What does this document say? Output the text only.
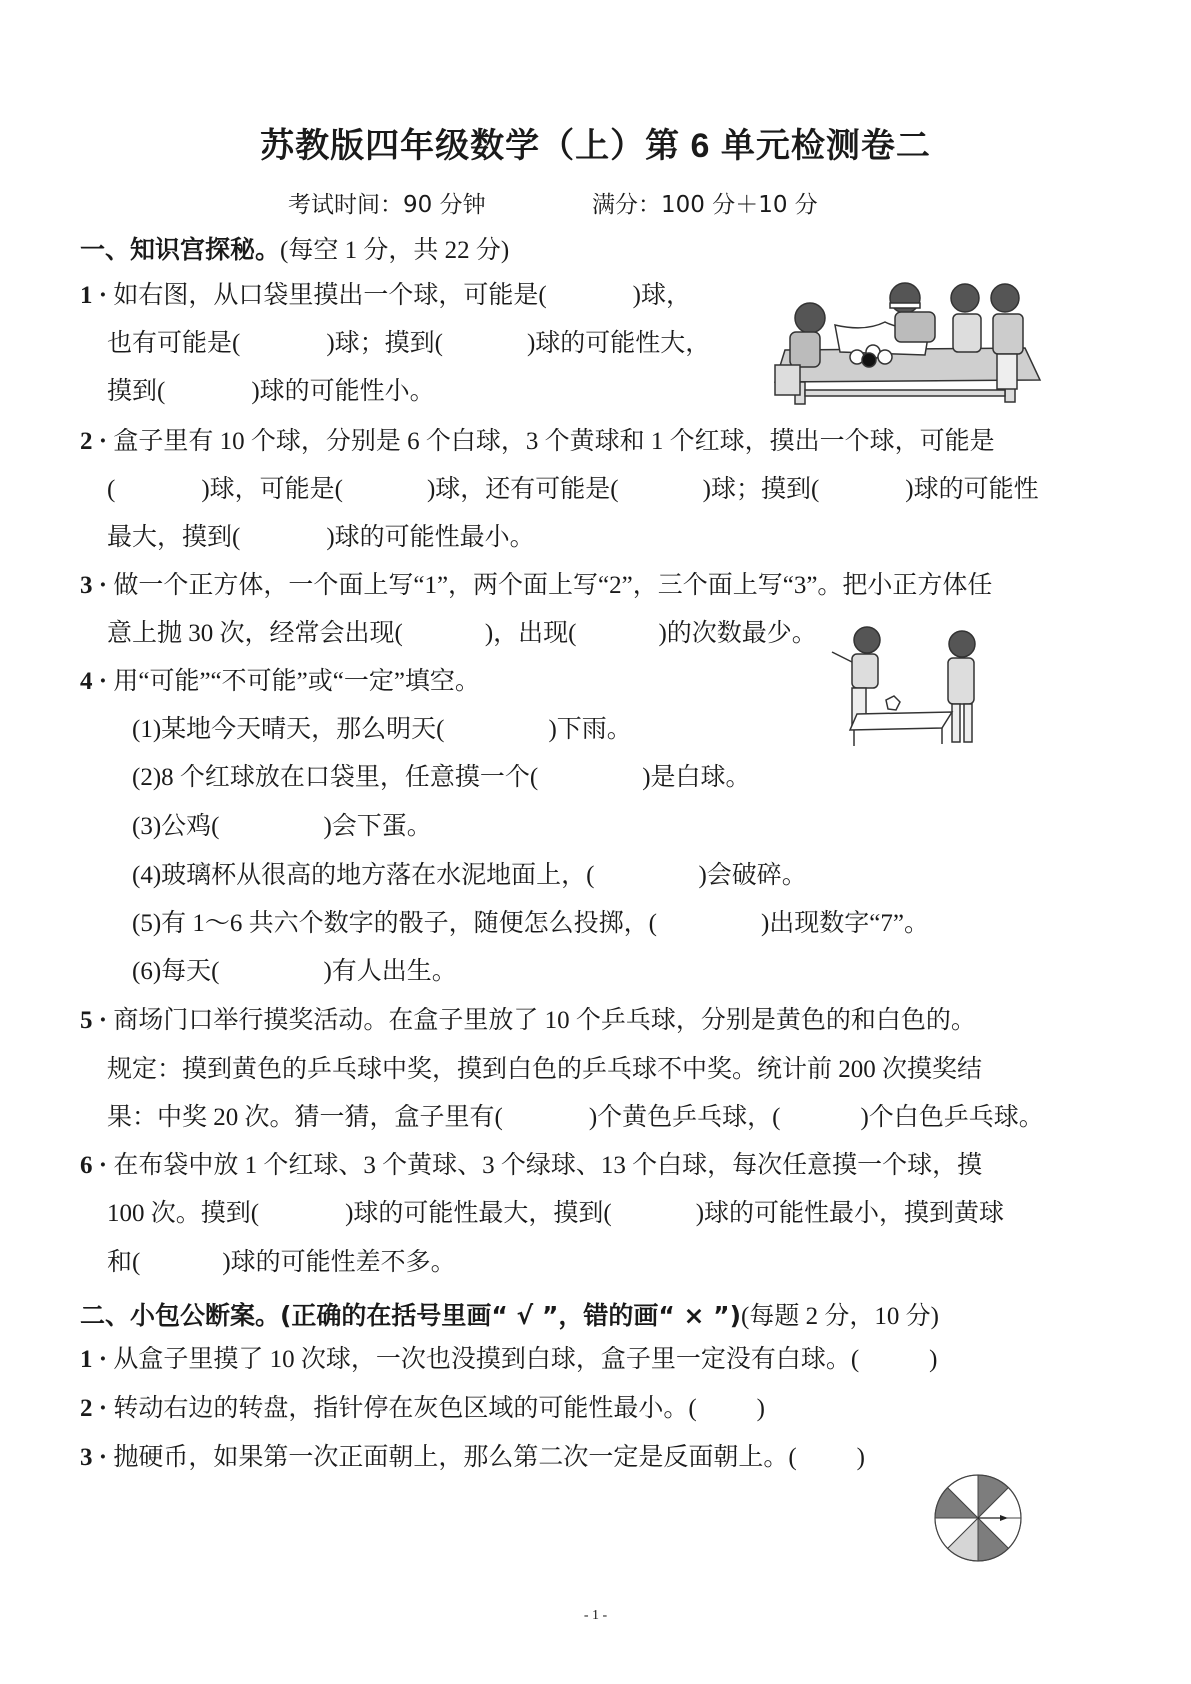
苏教版四年级数学（上）第 6 单元检测卷二
考试时间：90 分钟	满分：100 分＋10 分
一、知识宫探秘。(每空 1 分，共 22 分)
1 · 如右图，从口袋里摸出一个球，可能是(	)球，
也有可能是(	)球；摸到(	)球的可能性大，
摸到(	)球的可能性小。
2 · 盒子里有 10 个球，分别是 6 个白球，3 个黄球和 1 个红球，摸出一个球，可能是
(	)球，可能是(	)球，还有可能是(	)球；摸到(	)球的可能性
最大，摸到(	)球的可能性最小。
3 · 做一个正方体，一个面上写“1”，两个面上写“2”，三个面上写“3”。把小正方体任
意上抛 30 次，经常会出现(	)，出现(	)的次数最少。
4 · 用“可能”“不可能”或“一定”填空。
(1)某地今天晴天，那么明天(	)下雨。
(2)8 个红球放在口袋里，任意摸一个(	)是白球。
(3)公鸡(	)会下蛋。
(4)玻璃杯从很高的地方落在水泥地面上，(	)会破碎。
(5)有 1～6 共六个数字的骰子，随便怎么投掷，(	)出现数字“7”。
(6)每天(	)有人出生。
5 · 商场门口举行摸奖活动。在盒子里放了 10 个乒乓球，分别是黄色的和白色的。
规定：摸到黄色的乒乓球中奖，摸到白色的乒乓球不中奖。统计前 200 次摸奖结
果：中奖 20 次。猜一猜，盒子里有(	)个黄色乒乓球，(	)个白色乒乓球。
6 · 在布袋中放 1 个红球、3 个黄球、3 个绿球、13 个白球，每次任意摸一个球，摸
100 次。摸到(	)球的可能性最大，摸到(	)球的可能性最小，摸到黄球
和(	)球的可能性差不多。
二、小包公断案。(正确的在括号里画“ √ ”，错的画“ × ”)(每题 2 分，10 分)
1 · 从盒子里摸了 10 次球，一次也没摸到白球，盒子里一定没有白球。(	)
2 · 转动右边的转盘，指针停在灰色区域的可能性最小。( )
3 · 抛硬币，如果第一次正面朝上，那么第二次一定是反面朝上。( )
- 1 -
